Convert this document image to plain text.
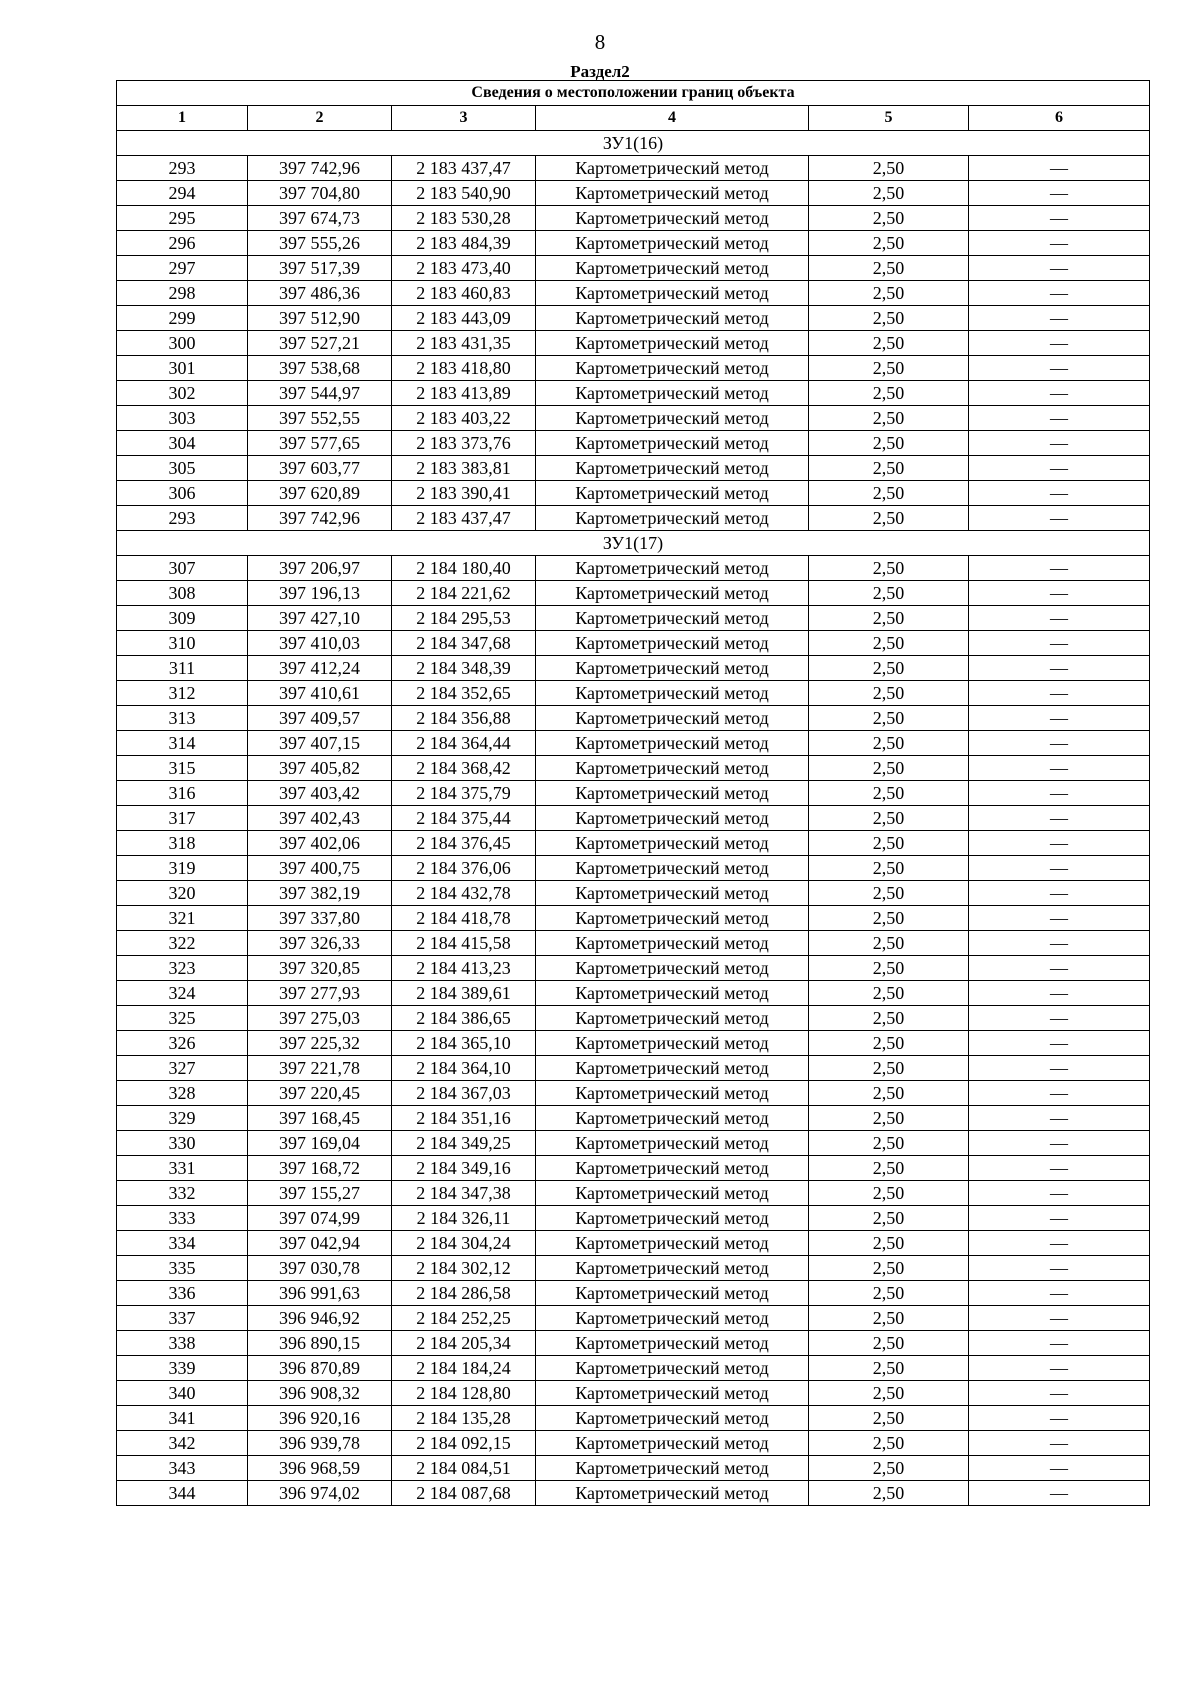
8
Раздел2
Сведения о местоположении границ объекта					
1	2	3	4	5	6
ЗУ1(16)					
293	397 742,96	2 183 437,47	Картометрический метод	2,50	—
294	397 704,80	2 183 540,90	Картометрический метод	2,50	—
295	397 674,73	2 183 530,28	Картометрический метод	2,50	—
296	397 555,26	2 183 484,39	Картометрический метод	2,50	—
297	397 517,39	2 183 473,40	Картометрический метод	2,50	—
298	397 486,36	2 183 460,83	Картометрический метод	2,50	—
299	397 512,90	2 183 443,09	Картометрический метод	2,50	—
300	397 527,21	2 183 431,35	Картометрический метод	2,50	—
301	397 538,68	2 183 418,80	Картометрический метод	2,50	—
302	397 544,97	2 183 413,89	Картометрический метод	2,50	—
303	397 552,55	2 183 403,22	Картометрический метод	2,50	—
304	397 577,65	2 183 373,76	Картометрический метод	2,50	—
305	397 603,77	2 183 383,81	Картометрический метод	2,50	—
306	397 620,89	2 183 390,41	Картометрический метод	2,50	—
293	397 742,96	2 183 437,47	Картометрический метод	2,50	—
ЗУ1(17)					
307	397 206,97	2 184 180,40	Картометрический метод	2,50	—
308	397 196,13	2 184 221,62	Картометрический метод	2,50	—
309	397 427,10	2 184 295,53	Картометрический метод	2,50	—
310	397 410,03	2 184 347,68	Картометрический метод	2,50	—
311	397 412,24	2 184 348,39	Картометрический метод	2,50	—
312	397 410,61	2 184 352,65	Картометрический метод	2,50	—
313	397 409,57	2 184 356,88	Картометрический метод	2,50	—
314	397 407,15	2 184 364,44	Картометрический метод	2,50	—
315	397 405,82	2 184 368,42	Картометрический метод	2,50	—
316	397 403,42	2 184 375,79	Картометрический метод	2,50	—
317	397 402,43	2 184 375,44	Картометрический метод	2,50	—
318	397 402,06	2 184 376,45	Картометрический метод	2,50	—
319	397 400,75	2 184 376,06	Картометрический метод	2,50	—
320	397 382,19	2 184 432,78	Картометрический метод	2,50	—
321	397 337,80	2 184 418,78	Картометрический метод	2,50	—
322	397 326,33	2 184 415,58	Картометрический метод	2,50	—
323	397 320,85	2 184 413,23	Картометрический метод	2,50	—
324	397 277,93	2 184 389,61	Картометрический метод	2,50	—
325	397 275,03	2 184 386,65	Картометрический метод	2,50	—
326	397 225,32	2 184 365,10	Картометрический метод	2,50	—
327	397 221,78	2 184 364,10	Картометрический метод	2,50	—
328	397 220,45	2 184 367,03	Картометрический метод	2,50	—
329	397 168,45	2 184 351,16	Картометрический метод	2,50	—
330	397 169,04	2 184 349,25	Картометрический метод	2,50	—
331	397 168,72	2 184 349,16	Картометрический метод	2,50	—
332	397 155,27	2 184 347,38	Картометрический метод	2,50	—
333	397 074,99	2 184 326,11	Картометрический метод	2,50	—
334	397 042,94	2 184 304,24	Картометрический метод	2,50	—
335	397 030,78	2 184 302,12	Картометрический метод	2,50	—
336	396 991,63	2 184 286,58	Картометрический метод	2,50	—
337	396 946,92	2 184 252,25	Картометрический метод	2,50	—
338	396 890,15	2 184 205,34	Картометрический метод	2,50	—
339	396 870,89	2 184 184,24	Картометрический метод	2,50	—
340	396 908,32	2 184 128,80	Картометрический метод	2,50	—
341	396 920,16	2 184 135,28	Картометрический метод	2,50	—
342	396 939,78	2 184 092,15	Картометрический метод	2,50	—
343	396 968,59	2 184 084,51	Картометрический метод	2,50	—
344	396 974,02	2 184 087,68	Картометрический метод	2,50	—
